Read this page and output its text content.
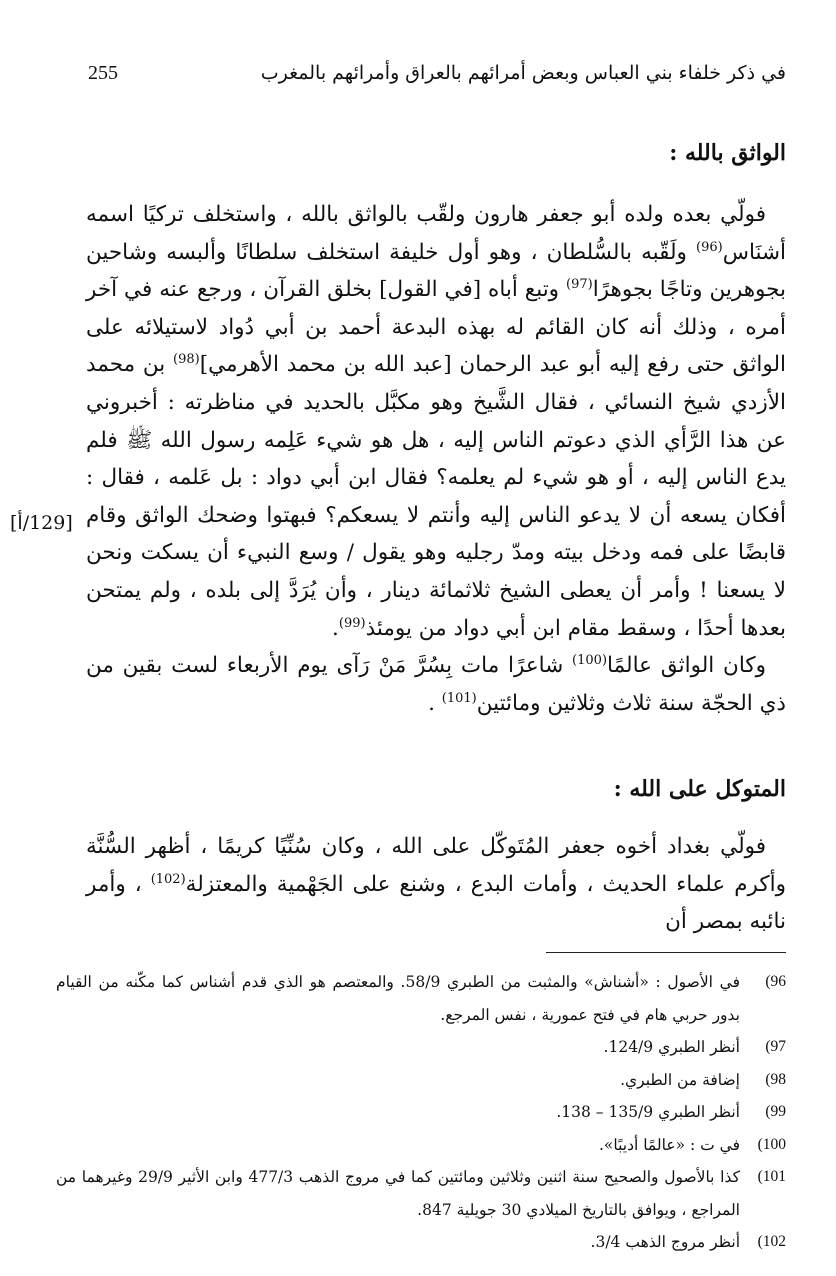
في ذكر خلفاء بني العباس وبعض أمرائهم بالعراق وأمرائهم بالمغرب
255
الواثق بالله :

فولّي بعده ولده أبو جعفر هارون ولقّب بالواثق بالله ، واستخلف تركيًا اسمه أشنَاس$^{(96)}$ ولَقّبه بالسُّلطان ، وهو أول خليفة استخلف سلطانًا وألبسه وشاحين بجوهرين وتاجًا بجوهرًا$^{(97)}$ وتبع أباه [في القول] بخلق القرآن ، ورجع عنه في آخر أمره ، وذلك أنه كان القائم له بهذه البدعة أحمد بن أبي دُواد لاستيلائه على الواثق حتى رفع إليه أبو عبد الرحمان [عبد الله بن محمد الأهرمي]$^{(98)}$ بن محمد الأزدي شيخ النسائي ، فقال الشَّيخ وهو مكبَّل بالحديد في مناظرته : أخبروني عن هذا الرَّأي الذي دعوتم الناس إليه ، هل هو شيء عَلِمه رسول الله ﷺ فلم يدع الناس إليه ، أو هو شيء لم يعلمه؟ فقال ابن أبي دواد : بل عَلمه ، فقال : أفكان يسعه أن لا يدعو الناس إليه وأنتم لا يسعكم؟ فبهتوا وضحك الواثق وقام قابضًا على فمه ودخل بيته ومدّ رجليه وهو يقول / وسع النبيء أن يسكت ونحن لا يسعنا ! وأمر أن يعطى الشيخ ثلاثمائة دينار ، وأن يُرَدَّ إلى بلده ، ولم يمتحن بعدها أحدًا ، وسقط مقام ابن أبي دواد من يومئذ$^{(99)}$.

وكان الواثق عالمًا$^{(100)}$ شاعرًا مات بِسُرَّ مَنْ رَآى يوم الأربعاء لست بقين من ذي الحجّة سنة ثلاث وثلاثين ومائتين$^{(101)}$ .

[129/أ]
المتوكل على الله :

فولّي بغداد أخوه جعفر المُتَوكّل على الله ، وكان سُنِّيًا كريمًا ، أظهر السُّنَّة وأكرم علماء الحديث ، وأمات البدع ، وشنع على الجَهْمية والمعتزلة$^{(102)}$ ، وأمر نائبه بمصر أن

(96
في الأصول : «أشناش» والمثبت من الطبري 58/9. والمعتصم هو الذي قدم أشناس كما مكّنه من القيام بدور حربي هام في فتح عمورية ، نفس المرجع.
(97
أنظر الطبري 124/9.
(98
إضافة من الطبري.
(99
أنظر الطبري 135/9 – 138.
(100
في ت : «عالمًا أديبًا».
(101
كذا بالأصول والصحيح سنة اثنين وثلاثين ومائتين كما في مروج الذهب 477/3 وابن الأثير 29/9 وغيرهما من المراجع ، ويوافق بالتاريخ الميلادي 30 جويلية 847.
(102
أنظر مروج الذهب 3/4.
